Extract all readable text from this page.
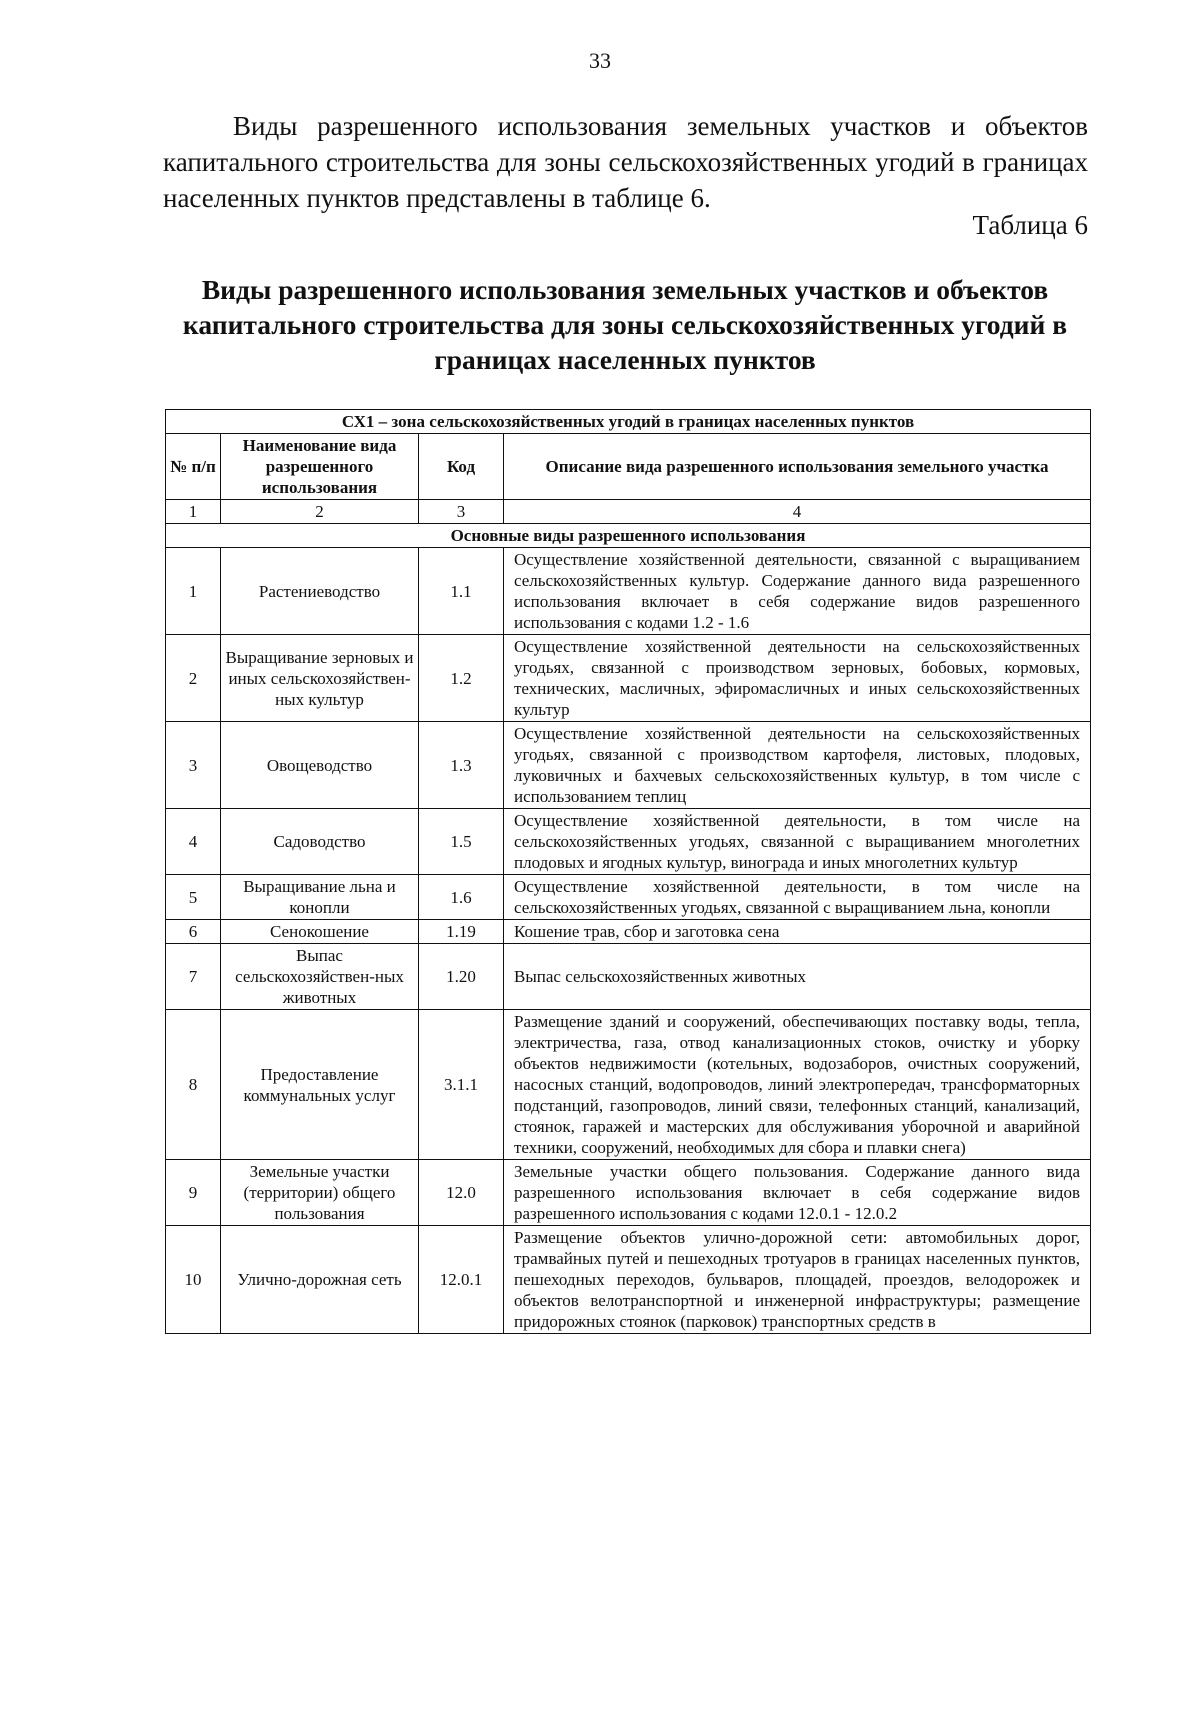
33
Виды разрешенного использования земельных участков и объектов капитального строительства для зоны сельскохозяйственных угодий в границах населенных пунктов представлены в таблице 6.
Таблица 6
Виды разрешенного использования земельных участков и объектов капитального строительства для зоны сельскохозяйственных угодий в границах населенных пунктов
СХ1 – зона сельскохозяйственных угодий в границах населенных пунктов			
№ п/п	Наименование вида разрешенного использования	Код	Описание вида разрешенного использования земельного участка
1	2	3	4
Основные виды разрешенного использования			
1	Растениеводство	1.1	Осуществление хозяйственной деятельности, связанной с выращиванием сельскохозяйственных культур. Содержание данного вида разрешенного использования включает в себя содержание видов разрешенного использования с кодами 1.2 - 1.6
2	Выращивание зерновых и иных сельскохозяйствен-ных культур	1.2	Осуществление хозяйственной деятельности на сельскохозяйственных угодьях, связанной с производством зерновых, бобовых, кормовых, технических, масличных, эфиромасличных и иных сельскохозяйственных культур
3	Овощеводство	1.3	Осуществление хозяйственной деятельности на сельскохозяйственных угодьях, связанной с производством картофеля, листовых, плодовых, луковичных и бахчевых сельскохозяйственных культур, в том числе с использованием теплиц
4	Садоводство	1.5	Осуществление хозяйственной деятельности, в том числе на сельскохозяйственных угодьях, связанной с выращиванием многолетних плодовых и ягодных культур, винограда и иных многолетних культур
5	Выращивание льна и конопли	1.6	Осуществление хозяйственной деятельности, в том числе на сельскохозяйственных угодьях, связанной с выращиванием льна, конопли
6	Сенокошение	1.19	Кошение трав, сбор и заготовка сена
7	Выпас сельскохозяйствен-ных животных	1.20	Выпас сельскохозяйственных животных
8	Предоставление коммунальных услуг	3.1.1	Размещение зданий и сооружений, обеспечивающих поставку воды, тепла, электричества, газа, отвод канализационных стоков, очистку и уборку объектов недвижимости (котельных, водозаборов, очистных сооружений, насосных станций, водопроводов, линий электропередач, трансформаторных подстанций, газопроводов, линий связи, телефонных станций, канализаций, стоянок, гаражей и мастерских для обслуживания уборочной и аварийной техники, сооружений, необходимых для сбора и плавки снега)
9	Земельные участки (территории) общего пользования	12.0	Земельные участки общего пользования. Содержание данного вида разрешенного использования включает в себя содержание видов разрешенного использования с кодами 12.0.1 - 12.0.2
10	Улично-дорожная сеть	12.0.1	Размещение объектов улично-дорожной сети: автомобильных дорог, трамвайных путей и пешеходных тротуаров в границах населенных пунктов, пешеходных переходов, бульваров, площадей, проездов, велодорожек и объектов велотранспортной и инженерной инфраструктуры; размещение придорожных стоянок (парковок) транспортных средств в
